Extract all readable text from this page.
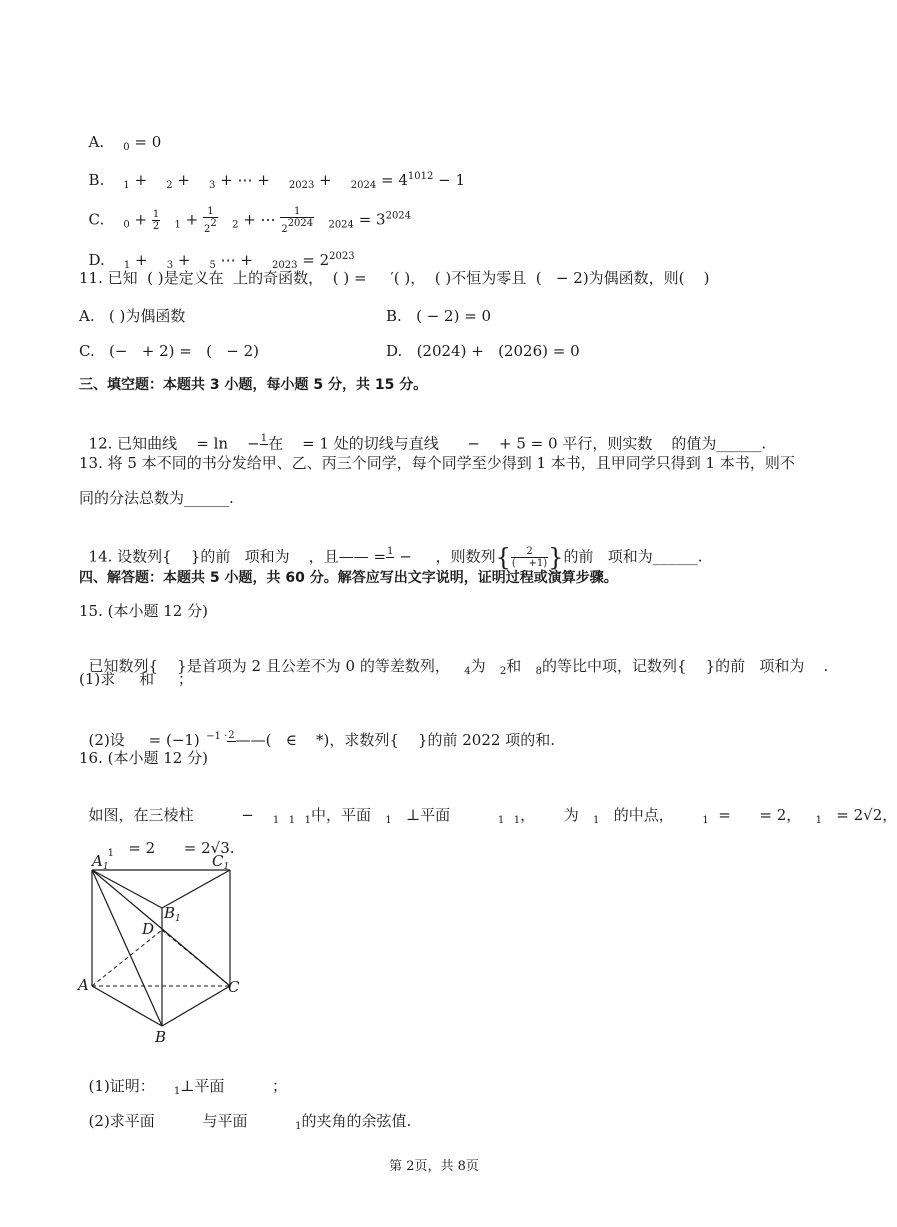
A.    $_0$ = 0

B.    $_1$ +    $_2$ +    $_3$ + ⋯ +    $_{2023}$ +    $_{2024} = 4^{1012} - 1$

C.    $_0 + \frac{1}{2} _1 + \frac{1}{2^2} _2$ + ⋯ $\frac{1}{2^{2024}} _{2024} = 3^{2024}$

D.    $_1$ +    $_3$ +    $_5$ ⋯ +    $_{2023} = 2^{2023}$

11. 已知  ( )是定义在  上的奇函数，  ( ) =     ′( )，  ( )不恒为零且  (   − 2)为偶函数，则(    )
A.   ( )为偶函数	B.   ( − 2) = 0
C.   (−   + 2) =   (   − 2)	D.   (2024) +   (2026) = 0
三、填空题：本题共 3 小题，每小题 5 分，共 15 分。

12. 已知曲线    = ln    − 1
在    = 1 处的切线与直线      −    + 5 = 0 平行，则实数    的值为______.

13. 将 5 本不同的书分发给甲、乙、丙三个同学，每个同学至少得到 1 本书，且甲同学只得到 1 本书，则不
同的分法总数为______.

14. 设数列{    }的前   项和为    ，且—— = 1
−     ，则数列{ $\frac{2}{( +1)}$ }的前   项和为______.

四、解答题：本题共 5 小题，共 60 分。解答应写出文字说明，证明过程或演算步骤。
15. (本小题 12 分)

已知数列{    }是首项为 2 且公差不为 0 的等差数列， $_4$为 $_2$和 $_8$的等比中项，记数列{    }的前   项和为    .

(1)求     和     ；

(2)设     = (−1)  $^{-1 \cdot}$ 2
——(   ∈    *)，求数列{    }的前 2022 项的和.

16. (本小题 12 分)

如图，在三棱柱          −    $_{1 1 1}$中，平面   $_1$   ⊥平面          $_{1 1}$，      为   $_1$   的中点，      $_1$  =      = 2，   $_1$   = 2√2，

$_1$   = 2      = 2√3.

$A_1$	$C_1$
$B_1$
D
A	C
B

(1)证明：    $_1$⊥平面          ；

(2)求平面          与平面          $_1$的夹角的余弦值.

第 2页，共 8页
